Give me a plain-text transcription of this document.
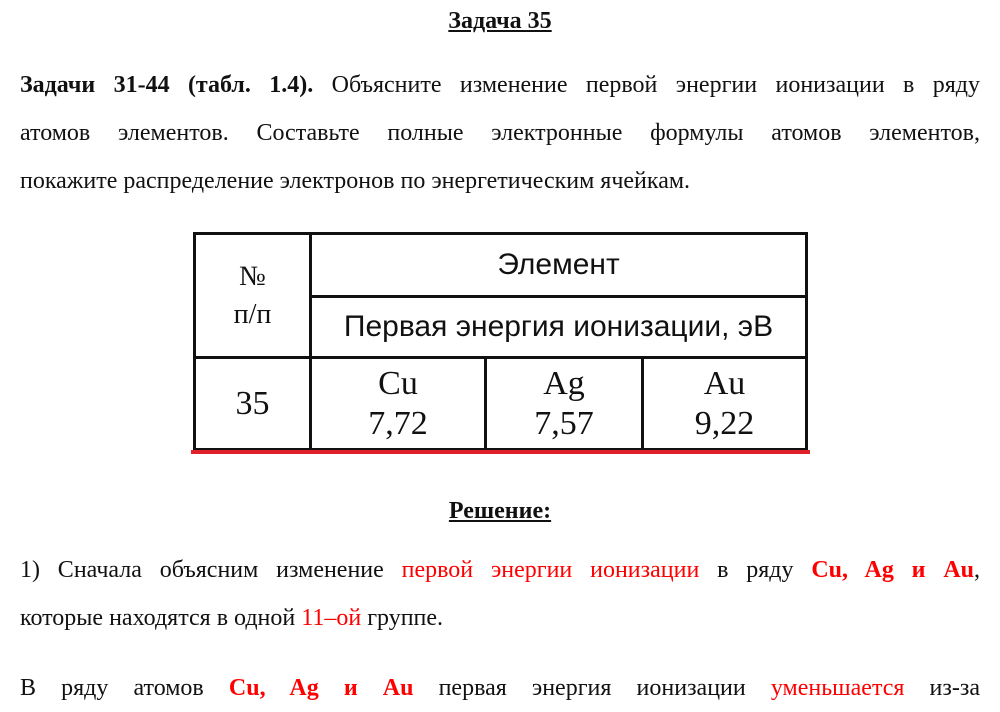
Задача 35
Задачи 31-44 (табл. 1.4). Объясните изменение первой энергии ионизации в ряду
атомов элементов. Составьте полные электронные формулы атомов элементов,
покажите распределение электронов по энергетическим ячейкам.
№
п/п
Элемент
Первая энергия ионизации, эВ
35
Cu
7,72
Ag
7,57
Au
9,22
Решение:
1) Сначала объясним изменение первой энергии ионизации в ряду Cu, Ag и Au,
которые находятся в одной 11–ой группе.
В ряду атомов Cu, Ag и Au первая энергия ионизации уменьшается из-за
